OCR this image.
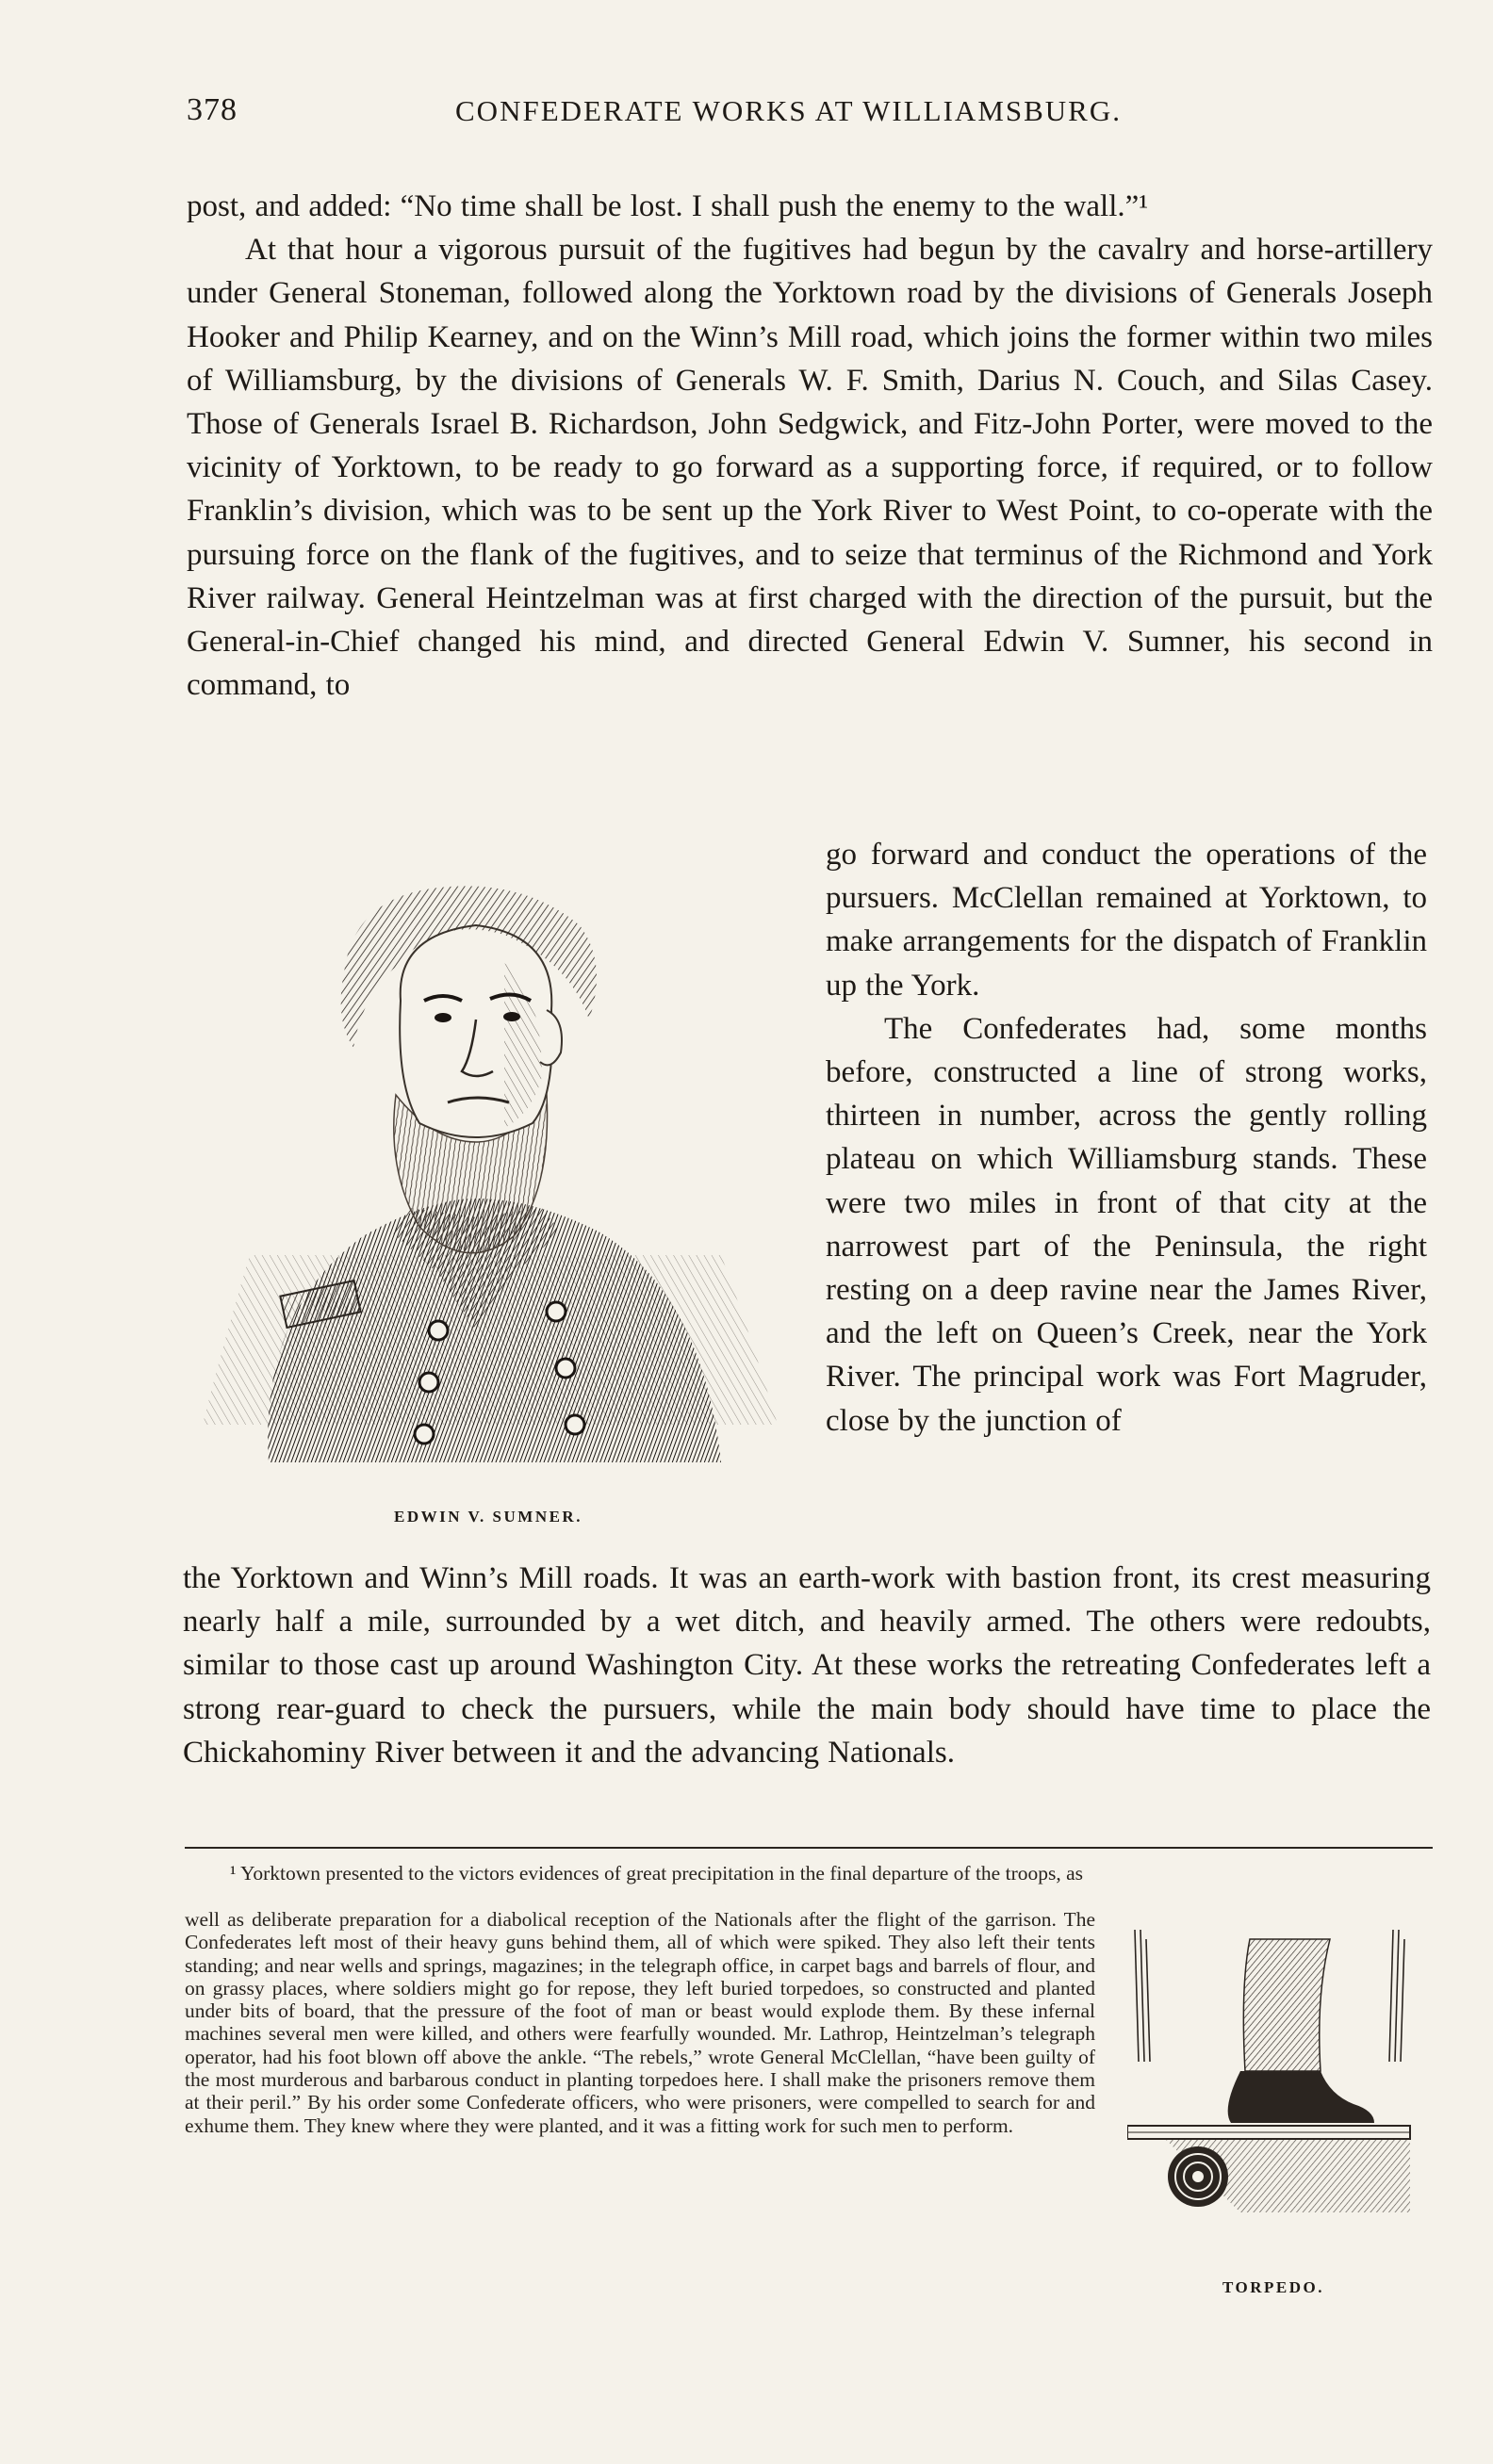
378	CONFEDERATE WORKS AT WILLIAMSBURG.

post, and added: “No time shall be lost. I shall push the enemy to the wall.”¹

At that hour a vigorous pursuit of the fugitives had begun by the cavalry and horse-artillery under General Stoneman, followed along the Yorktown road by the divisions of Generals Joseph Hooker and Philip Kearney, and on the Winn’s Mill road, which joins the former within two miles of Williamsburg, by the divisions of Generals W. F. Smith, Darius N. Couch, and Silas Casey. Those of Generals Israel B. Richardson, John Sedgwick, and Fitz-John Porter, were moved to the vicinity of Yorktown, to be ready to go forward as a supporting force, if required, or to follow Franklin’s division, which was to be sent up the York River to West Point, to co-operate with the pursuing force on the flank of the fugitives, and to seize that terminus of the Richmond and York River railway. General Heintzelman was at first charged with the direction of the pursuit, but the General-in-Chief changed his mind, and directed General Edwin V. Sumner, his second in command, to

EDWIN V. SUMNER.

go forward and conduct the operations of the pursuers. McClellan remained at Yorktown, to make arrangements for the dispatch of Franklin up the York.

The Confederates had, some months before, constructed a line of strong works, thirteen in number, across the gently rolling plateau on which Williamsburg stands. These were two miles in front of that city at the narrowest part of the Peninsula, the right resting on a deep ravine near the James River, and the left on Queen’s Creek, near the York River. The principal work was Fort Magruder, close by the junction of

the Yorktown and Winn’s Mill roads. It was an earth-work with bastion front, its crest measuring nearly half a mile, surrounded by a wet ditch, and heavily armed. The others were redoubts, similar to those cast up around Washington City. At these works the retreating Confederates left a strong rear-guard to check the pursuers, while the main body should have time to place the Chickahominy River between it and the advancing Nationals.

¹ Yorktown presented to the victors evidences of great precipitation in the final departure of the troops, as
well as deliberate preparation for a diabolical reception of the Nationals after the flight of the garrison. The Confederates left most of their heavy guns behind them, all of which were spiked. They also left their tents standing; and near wells and springs, magazines; in the telegraph office, in carpet bags and barrels of flour, and on grassy places, where soldiers might go for repose, they left buried torpedoes, so constructed and planted under bits of board, that the pressure of the foot of man or beast would explode them. By these infernal machines several men were killed, and others were fearfully wounded. Mr. Lathrop, Heintzelman’s telegraph operator, had his foot blown off above the ankle. “The rebels,” wrote General McClellan, “have been guilty of the most murderous and barbarous conduct in planting torpedoes here. I shall make the prisoners remove them at their peril.” By his order some Confederate officers, who were prisoners, were compelled to search for and exhume them. They knew where they were planted, and it was a fitting work for such men to perform.
TORPEDO.
